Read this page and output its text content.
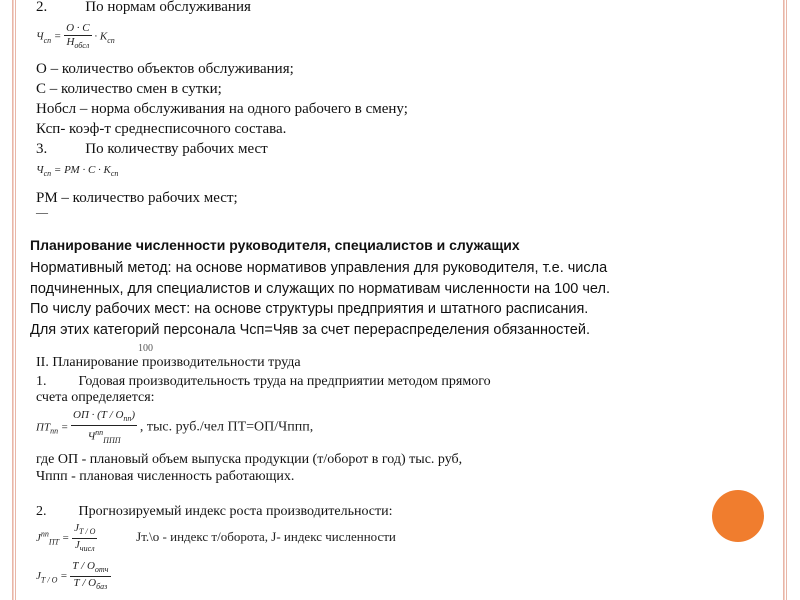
2.	По нормам обслуживания
$Ч_{сп} = \frac{О \cdot С}{Н_{обсл}} \cdot К_{сп}$
О – количество объектов обслуживания;
С – количество смен в сутки;
Нобсл – норма обслуживания на одного рабочего в смену;
Ксп- коэф-т среднесписочного состава.
3.	По количеству рабочих мест
$Ч_{сп}$ = РМ · $С \cdot К_{сп}$
РМ – количество рабочих мест;
—
Планирование численности руководителя, специалистов и служащих
Нормативный метод: на основе нормативов управления для руководителя, т.е. числа
подчиненных, для специалистов и служащих по нормативам численности на 100 чел.
По числу рабочих мест: на основе структуры предприятия и штатного расписания.
Для этих категорий персонала Чсп=Чяв за счет перераспределения обязанностей.
100
II. Планирование производительности труда
1. Годовая производительность труда на предприятии методом прямого
счета определяется:
$ПТ_{пп} = \frac{ОП \cdot (Т / О_{пп})}{Ч^{пп}_{ППП}}$ , тыс. руб./чел ПТ=ОП/Чппп,
где ОП - плановый объем выпуска продукции (т/оборот в год) тыс. руб,
Чппп - плановая численность работающих.
2. Прогнозируемый индекс роста производительности:
$J^{пп}_{ПТ} = \frac{J_{Т / О}}{J_{числ}}$	Jт.\о - индекс т/оборота, J- индекс численности
$J_{Т / О} = \frac{Т / О_{отч}}{Т / О_{баз}}$
